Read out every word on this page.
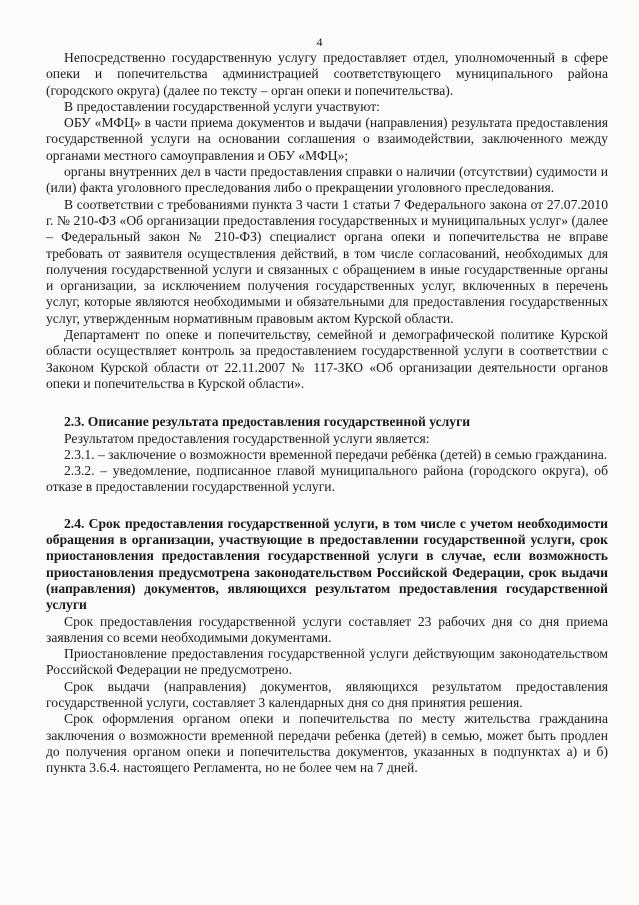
4

Непосредственно государственную услугу предоставляет отдел, уполномоченный в сфере опеки и попечительства администрацией соответствующего муниципального района (городского округа) (далее по тексту – орган опеки и попечительства).

В предоставлении государственной услуги участвуют:

ОБУ «МФЦ» в части приема документов и выдачи (направления) результата предоставления государственной услуги на основании соглашения о взаимодействии, заключенного между органами местного самоуправления и ОБУ «МФЦ»;

органы внутренних дел в части предоставления справки о наличии (отсутствии) судимости и (или) факта уголовного преследования либо о прекращении уголовного преследования.

В соответствии с требованиями пункта 3 части 1 статьи 7 Федерального закона от 27.07.2010 г. № 210-ФЗ «Об организации предоставления государственных и муниципальных услуг» (далее – Федеральный закон № 210-ФЗ) специалист органа опеки и попечительства не вправе требовать от заявителя осуществления действий, в том числе согласований, необходимых для получения государственной услуги и связанных с обращением в иные государственные органы и организации, за исключением получения государственных услуг, включенных в перечень услуг, которые являются необходимыми и обязательными для предоставления государственных услуг, утвержденным нормативным правовым актом Курской области.

Департамент по опеке и попечительству, семейной и демографической политике Курской области осуществляет контроль за предоставлением государственной услуги в соответствии с Законом Курской области от 22.11.2007 № 117-ЗКО «Об организации деятельности органов опеки и попечительства в Курской области».

2.3. Описание результата предоставления государственной услуги

Результатом предоставления государственной услуги является:

2.3.1. – заключение о возможности временной передачи ребёнка (детей) в семью гражданина.

2.3.2. – уведомление, подписанное главой муниципального района (городского округа), об отказе в предоставлении государственной услуги.

2.4. Срок предоставления государственной услуги, в том числе с учетом необходимости обращения в организации, участвующие в предоставлении государственной услуги, срок приостановления предоставления государственной услуги в случае, если возможность приостановления предусмотрена законодательством Российской Федерации, срок выдачи (направления) документов, являющихся результатом предоставления государственной услуги

Срок предоставления государственной услуги составляет 23 рабочих дня со дня приема заявления со всеми необходимыми документами.

Приостановление предоставления государственной услуги действующим законодательством Российской Федерации не предусмотрено.

Срок выдачи (направления) документов, являющихся результатом предоставления государственной услуги, составляет 3 календарных дня со дня принятия решения.

Срок оформления органом опеки и попечительства по месту жительства гражданина заключения о возможности временной передачи ребенка (детей) в семью, может быть продлен до получения органом опеки и попечительства документов, указанных в подпунктах а) и б) пункта 3.6.4. настоящего Регламента, но не более чем на 7 дней.
